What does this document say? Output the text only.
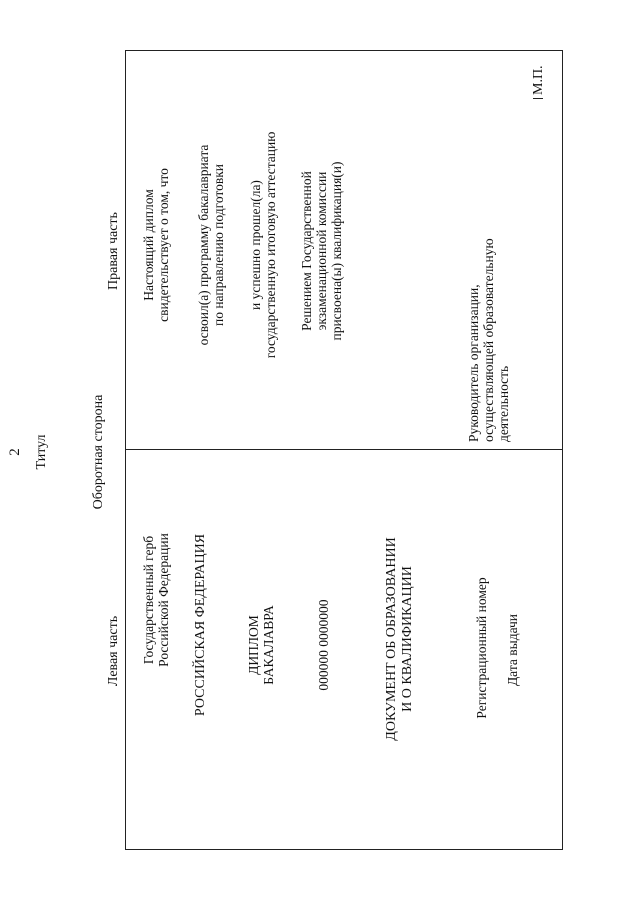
2 Титул	Оборотная сторона
Левая часть
Правая часть
Государственный герб Российской Федерации РОССИЙСКАЯ ФЕДЕРАЦИЯ	ДИПЛОМ БАКАЛАВРА	000000 0000000	ДОКУМЕНТ ОБ ОБРАЗОВАНИИ И О КВАЛИФИКАЦИИ	Регистрационный номер Дата выдачи
Настоящий диплом свидетельствует о том, что освоил(а) программу бакалавриата по направлению подготовки и успешно прошел(ла) государственную итоговую аттестацию Решением Государственной экзаменационной комиссии присвоена(ы) квалификация(и)
Руководитель организации, осуществляющей образовательную деятельность
М.П.
